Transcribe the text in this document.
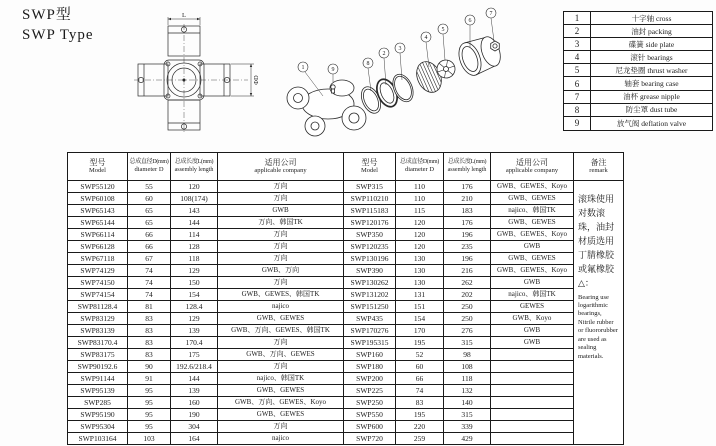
SWP型
SWP Type
L
ΦD
1	9
8
2
3
4
5
6
7	1	十字轴 cross
2	油封 packing
3	碟簧 side plate
4	滚针 bearings
5	尼龙垫圈 thrust washer
6	轴套 bearing case
7	油杯 grease nipple
8	防尘罩 dust tube
9	放气阀 deflation valve
型号
Model

总成直径D(mm)
diameter D

总成长度L(mm)
assembly length

适用公司
applicable company

型号
Model

总成直径D(mm)
diameter D

总成长度L(mm)
assembly length

适用公司
applicable company

备注
remark

SWP55120	55	120	万向	SWP315	110	176	GWB、GEWES、Koyo	滚珠使用对数滚珠，油封材质选用丁腈橡胶或氟橡胶△：
Bearing use logarithmic bearings, Nitrile rubber or fluororubber are used as sealing materials.

SWP60108	60	108(174)	万向	SWP110210	110	210	GWB、GEWES	
SWP65143	65	143	GWB	SWP115183	115	183	najico、韩国TK	
SWP65144	65	144	万向、韩国TK	SWP120176	120	176	GWB、GEWES	
SWP66114	66	114	万向	SWP350	120	196	GWB、GEWES、Koyo	
SWP66128	66	128	万向	SWP120235	120	235	GWB	
SWP67118	67	118	万向	SWP130196	130	196	GWB、GEWES	
SWP74129	74	129	GWB、万向	SWP390	130	216	GWB、GEWES、Koyo	
SWP74150	74	150	万向	SWP130262	130	262	GWB	
SWP74154	74	154	GWB、GEWES、韩国TK	SWP131202	131	202	najico、韩国TK	
SWP81128.4	81	128.4	najico	SWP151250	151	250	GEWES	
SWP83129	83	129	GWB、GEWES	SWP435	154	250	GWB、Koyo	
SWP83139	83	139	GWB、万向、GEWES、韩国TK	SWP170276	170	276	GWB	
SWP83170.4	83	170.4	万向	SWP195315	195	315	GWB	
SWP83175	83	175	GWB、万向、GEWES	SWP160	52	98		
SWP90192.6	90	192.6/218.4	万向	SWP180	60	108		
SWP91144	91	144	najico、韩国TK	SWP200	66	118		
SWP95139	95	139	GWB、GEWES	SWP225	74	132		
SWP285	95	160	GWB、万向、GEWES、Koyo	SWP250	83	140		
SWP95190	95	190	GWB、GEWES	SWP550	195	315		
SWP95304	95	304	万向	SWP600	220	339		
SWP103164	103	164	najico	SWP720	259	429		
